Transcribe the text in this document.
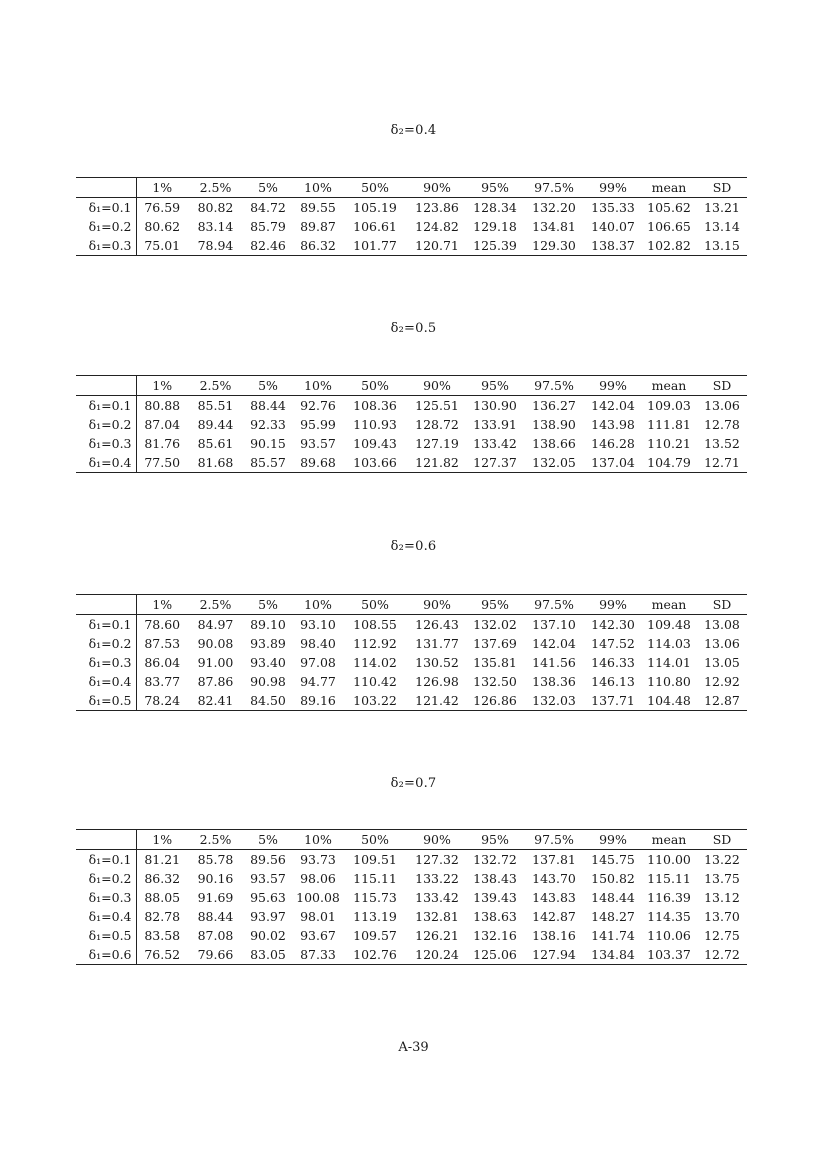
δ₂=0.4
	1%	2.5%	5%	10%	50%	90%	95%	97.5%	99%	mean	SD
δ₁=0.1	76.59	80.82	84.72	89.55	105.19	123.86	128.34	132.20	135.33	105.62	13.21
δ₁=0.2	80.62	83.14	85.79	89.87	106.61	124.82	129.18	134.81	140.07	106.65	13.14
δ₁=0.3	75.01	78.94	82.46	86.32	101.77	120.71	125.39	129.30	138.37	102.82	13.15
δ₂=0.5
	1%	2.5%	5%	10%	50%	90%	95%	97.5%	99%	mean	SD
δ₁=0.1	80.88	85.51	88.44	92.76	108.36	125.51	130.90	136.27	142.04	109.03	13.06
δ₁=0.2	87.04	89.44	92.33	95.99	110.93	128.72	133.91	138.90	143.98	111.81	12.78
δ₁=0.3	81.76	85.61	90.15	93.57	109.43	127.19	133.42	138.66	146.28	110.21	13.52
δ₁=0.4	77.50	81.68	85.57	89.68	103.66	121.82	127.37	132.05	137.04	104.79	12.71
δ₂=0.6
	1%	2.5%	5%	10%	50%	90%	95%	97.5%	99%	mean	SD
δ₁=0.1	78.60	84.97	89.10	93.10	108.55	126.43	132.02	137.10	142.30	109.48	13.08
δ₁=0.2	87.53	90.08	93.89	98.40	112.92	131.77	137.69	142.04	147.52	114.03	13.06
δ₁=0.3	86.04	91.00	93.40	97.08	114.02	130.52	135.81	141.56	146.33	114.01	13.05
δ₁=0.4	83.77	87.86	90.98	94.77	110.42	126.98	132.50	138.36	146.13	110.80	12.92
δ₁=0.5	78.24	82.41	84.50	89.16	103.22	121.42	126.86	132.03	137.71	104.48	12.87
δ₂=0.7
	1%	2.5%	5%	10%	50%	90%	95%	97.5%	99%	mean	SD
δ₁=0.1	81.21	85.78	89.56	93.73	109.51	127.32	132.72	137.81	145.75	110.00	13.22
δ₁=0.2	86.32	90.16	93.57	98.06	115.11	133.22	138.43	143.70	150.82	115.11	13.75
δ₁=0.3	88.05	91.69	95.63	100.08	115.73	133.42	139.43	143.83	148.44	116.39	13.12
δ₁=0.4	82.78	88.44	93.97	98.01	113.19	132.81	138.63	142.87	148.27	114.35	13.70
δ₁=0.5	83.58	87.08	90.02	93.67	109.57	126.21	132.16	138.16	141.74	110.06	12.75
δ₁=0.6	76.52	79.66	83.05	87.33	102.76	120.24	125.06	127.94	134.84	103.37	12.72
A-39
